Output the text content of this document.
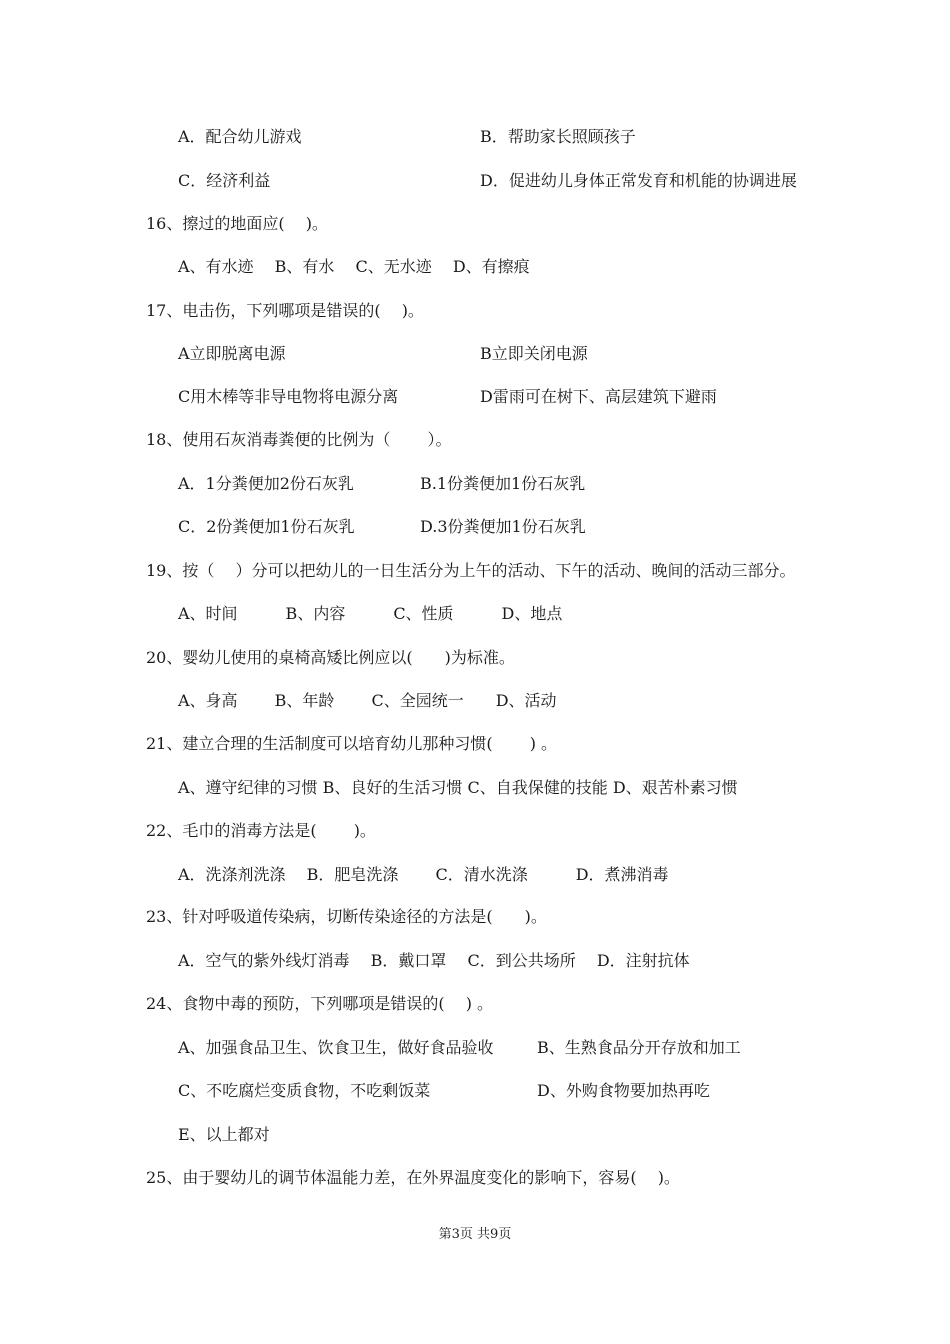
A．配合幼儿游戏	B．帮助家长照顾孩子
C．经济利益	D．促进幼儿身体正常发育和机能的协调进展
16、擦过的地面应(　 )。
A、有水迹　 B、有水　 C、无水迹　 D、有擦痕
17、电击伤，下列哪项是错误的(　 )。
A立即脱离电源	B立即关闭电源
C用木棒等非导电物将电源分离	D雷雨可在树下、高层建筑下避雨
18、使用石灰消毒粪便的比例为（　　 ）。
A．1分粪便加2份石灰乳	B.1份粪便加1份石灰乳
C．2份粪便加1份石灰乳	D.3份粪便加1份石灰乳
19、按（　 ）分可以把幼儿的一日生活分为上午的活动、下午的活动、晚间的活动三部分。
A、时间　　　B、内容　　　C、性质　　　D、地点
20、婴幼儿使用的桌椅高矮比例应以(　　)为标准。
A、身高　　 B、年龄　　 C、全园统一　　D、活动
21、建立合理的生活制度可以培育幼儿那种习惯(　　 ) 。
A、遵守纪律的习惯 B、良好的生活习惯 C、自我保健的技能 D、艰苦朴素习惯
22、毛巾的消毒方法是(　　 )。
A．洗涤剂洗涤　 B．肥皂洗涤　　 C．清水洗涤　　　D．煮沸消毒
23、针对呼吸道传染病，切断传染途径的方法是(　　)。
A．空气的紫外线灯消毒　 B．戴口罩　 C．到公共场所　 D．注射抗体
24、食物中毒的预防，下列哪项是错误的(　 ) 。
A、加强食品卫生、饮食卫生，做好食品验收	B、生熟食品分开存放和加工
C、不吃腐烂变质食物，不吃剩饭菜	D、外购食物要加热再吃
E、以上都对
25、由于婴幼儿的调节体温能力差，在外界温度变化的影响下，容易(　 )。
第3页 共9页
